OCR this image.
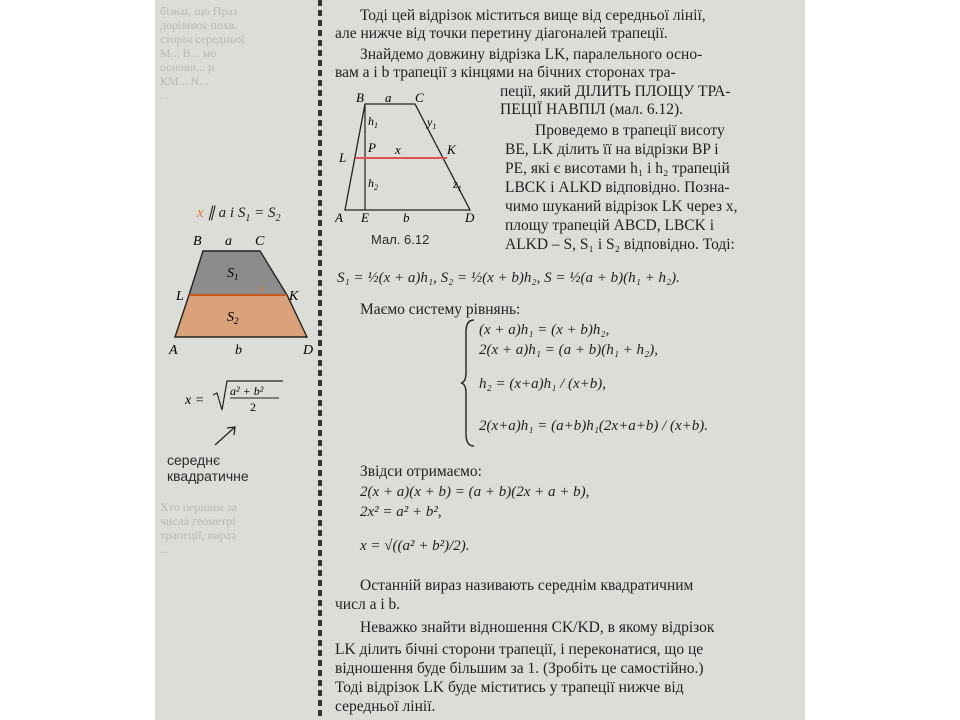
бізкаі, що Праз
дорівнює похв.
сторін середньої
М... В... мо
основи... р
КМ... N...
...
Хто першим за
числа геометрі
трапеції, вираз
...
x ∥ a і $S_1 = S_2$
B a C
$S_1$
x
L	K
$S_2$
A	b	D
x =
a² + b²
2
середнє
квадратичне
B a C
$h_1$	$y_1$
L
P x	K
$h_2$	$z_1$
A E	b	D
Мал. 6.12
Тоді цей відрізок міститься вище від середньої лінії,
але нижче від точки перетину діагоналей трапеції.
Знайдемо довжину відрізка LK, паралельного осно-
вам a і b трапеції з кінцями на бічних сторонах тра-
пеції, який ДІЛИТЬ ПЛОЩУ ТРА-
ПЕЦІЇ НАВПІЛ (мал. 6.12).
Проведемо в трапеції висоту
BE, LK ділить її на відрізки BP і
PE, які є висотами h₁ і h₂ трапецій
LBCK і ALKD відповідно. Позна-
чимо шуканий відрізок LK через x,
площу трапецій ABCD, LBCK і
ALKD – S, S₁ і S₂ відповідно. Тоді:
S₁ = ½(x + a)h₁, S₂ = ½(x + b)h₂, S = ½(a + b)(h₁ + h₂).
Маємо систему рівнянь:
(x + a)h₁ = (x + b)h₂,
2(x + a)h₁ = (a + b)(h₁ + h₂),
h₂ = (x+a)h₁ / (x+b),
2(x+a)h₁ = (a+b)h₁(2x+a+b) / (x+b).
Звідси отримаємо:
2(x + a)(x + b) = (a + b)(2x + a + b),
2x² = a² + b²,
x = √((a² + b²)/2).
Останній вираз називають середнім квадратичним
числ a і b.
Неважко знайти відношення CK/KD, в якому відрізок
LK ділить бічні сторони трапеції, і переконатися, що це
відношення буде більшим за 1. (Зробіть це самостійно.)
Тоді відрізок LK буде міститись у трапеції нижче від
середньої лінії.
